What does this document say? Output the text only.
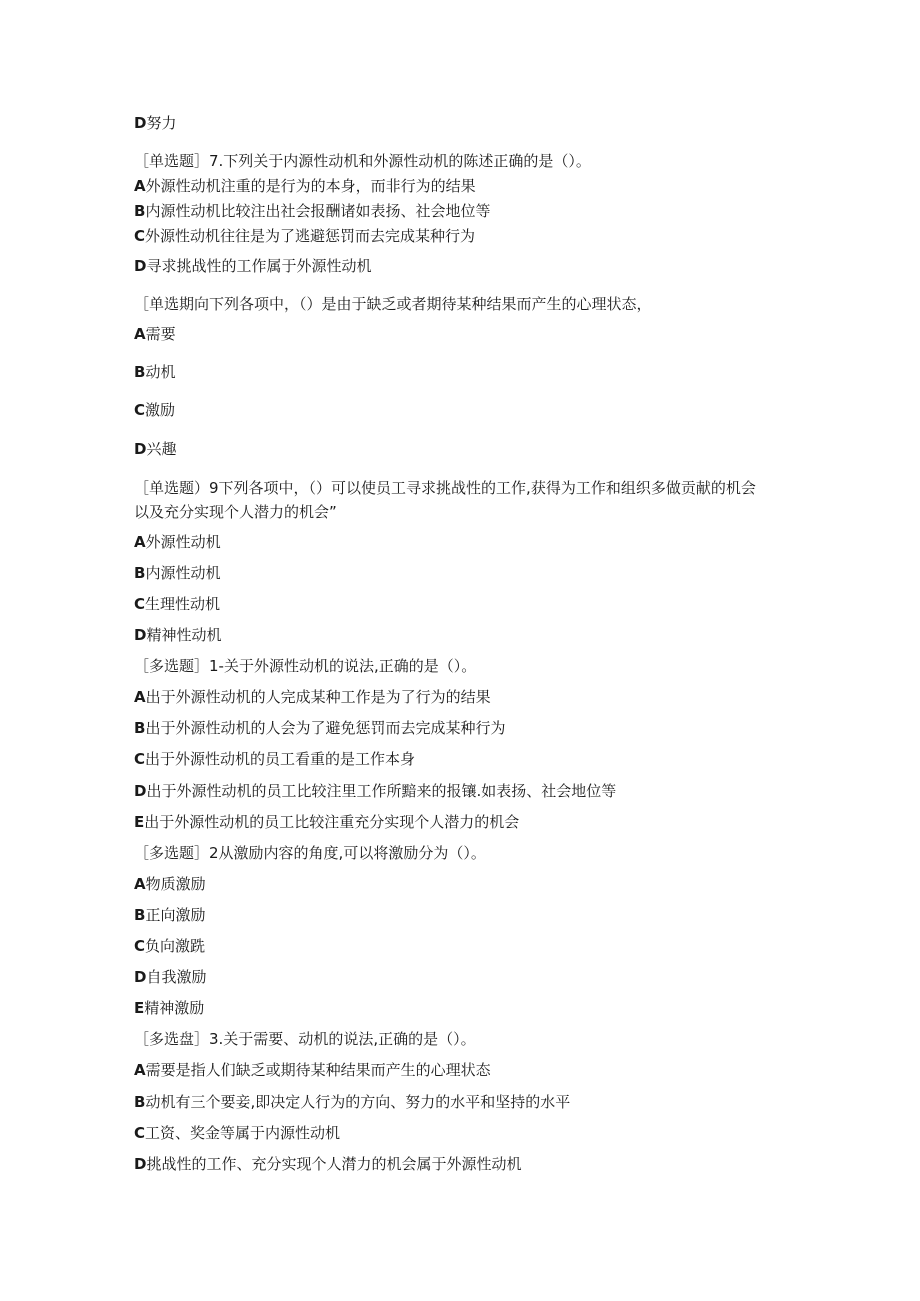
D努力

［单选题］7.下列关于内源性动机和外源性动机的陈述正确的是（）。

A外源性动机注重的是行为的本身，而非行为的结果

B内源性动机比较注出社会报酬诸如表扬、社会地位等

C外源性动机往往是为了逃避惩罚而去完成某种行为

D寻求挑战性的工作属于外源性动机

［单选期向下列各项中，（）是由于缺乏或者期待某种结果而产生的心理状态，

A需要

B动机

C激励

D兴趣

［单选题）9下列各项中，（）可以使员工寻求挑战性的工作,获得为工作和组织多做贡献的机会

以及充分实现个人潜力的机会”

A外源性动机

B内源性动机

C生理性动机

D精神性动机

［多选题］1-关于外源性动机的说法,正确的是（）。

A出于外源性动机的人完成某种工作是为了行为的结果

B出于外源性动机的人会为了避免惩罚而去完成某种行为

C出于外源性动机的员工看重的是工作本身

D出于外源性动机的员工比较注里工作所黯来的报镶.如表扬、社会地位等

E出于外源性动机的员工比较注重充分实现个人潜力的机会

［多选题］2从激励内容的角度,可以将激励分为（）。

A物质激励

B正向激励

C负向激跣

D自我激励

E精神激励

［多选盘］3.关于需要、动机的说法,正确的是（）。

A需要是指人们缺乏或期待某种结果而产生的心理状态

B动机有三个要妾,即决定人行为的方向、努力的水平和坚持的水平

C工资、奖金等属于内源性动机

D挑战性的工作、充分实现个人潸力的机会属于外源性动机
